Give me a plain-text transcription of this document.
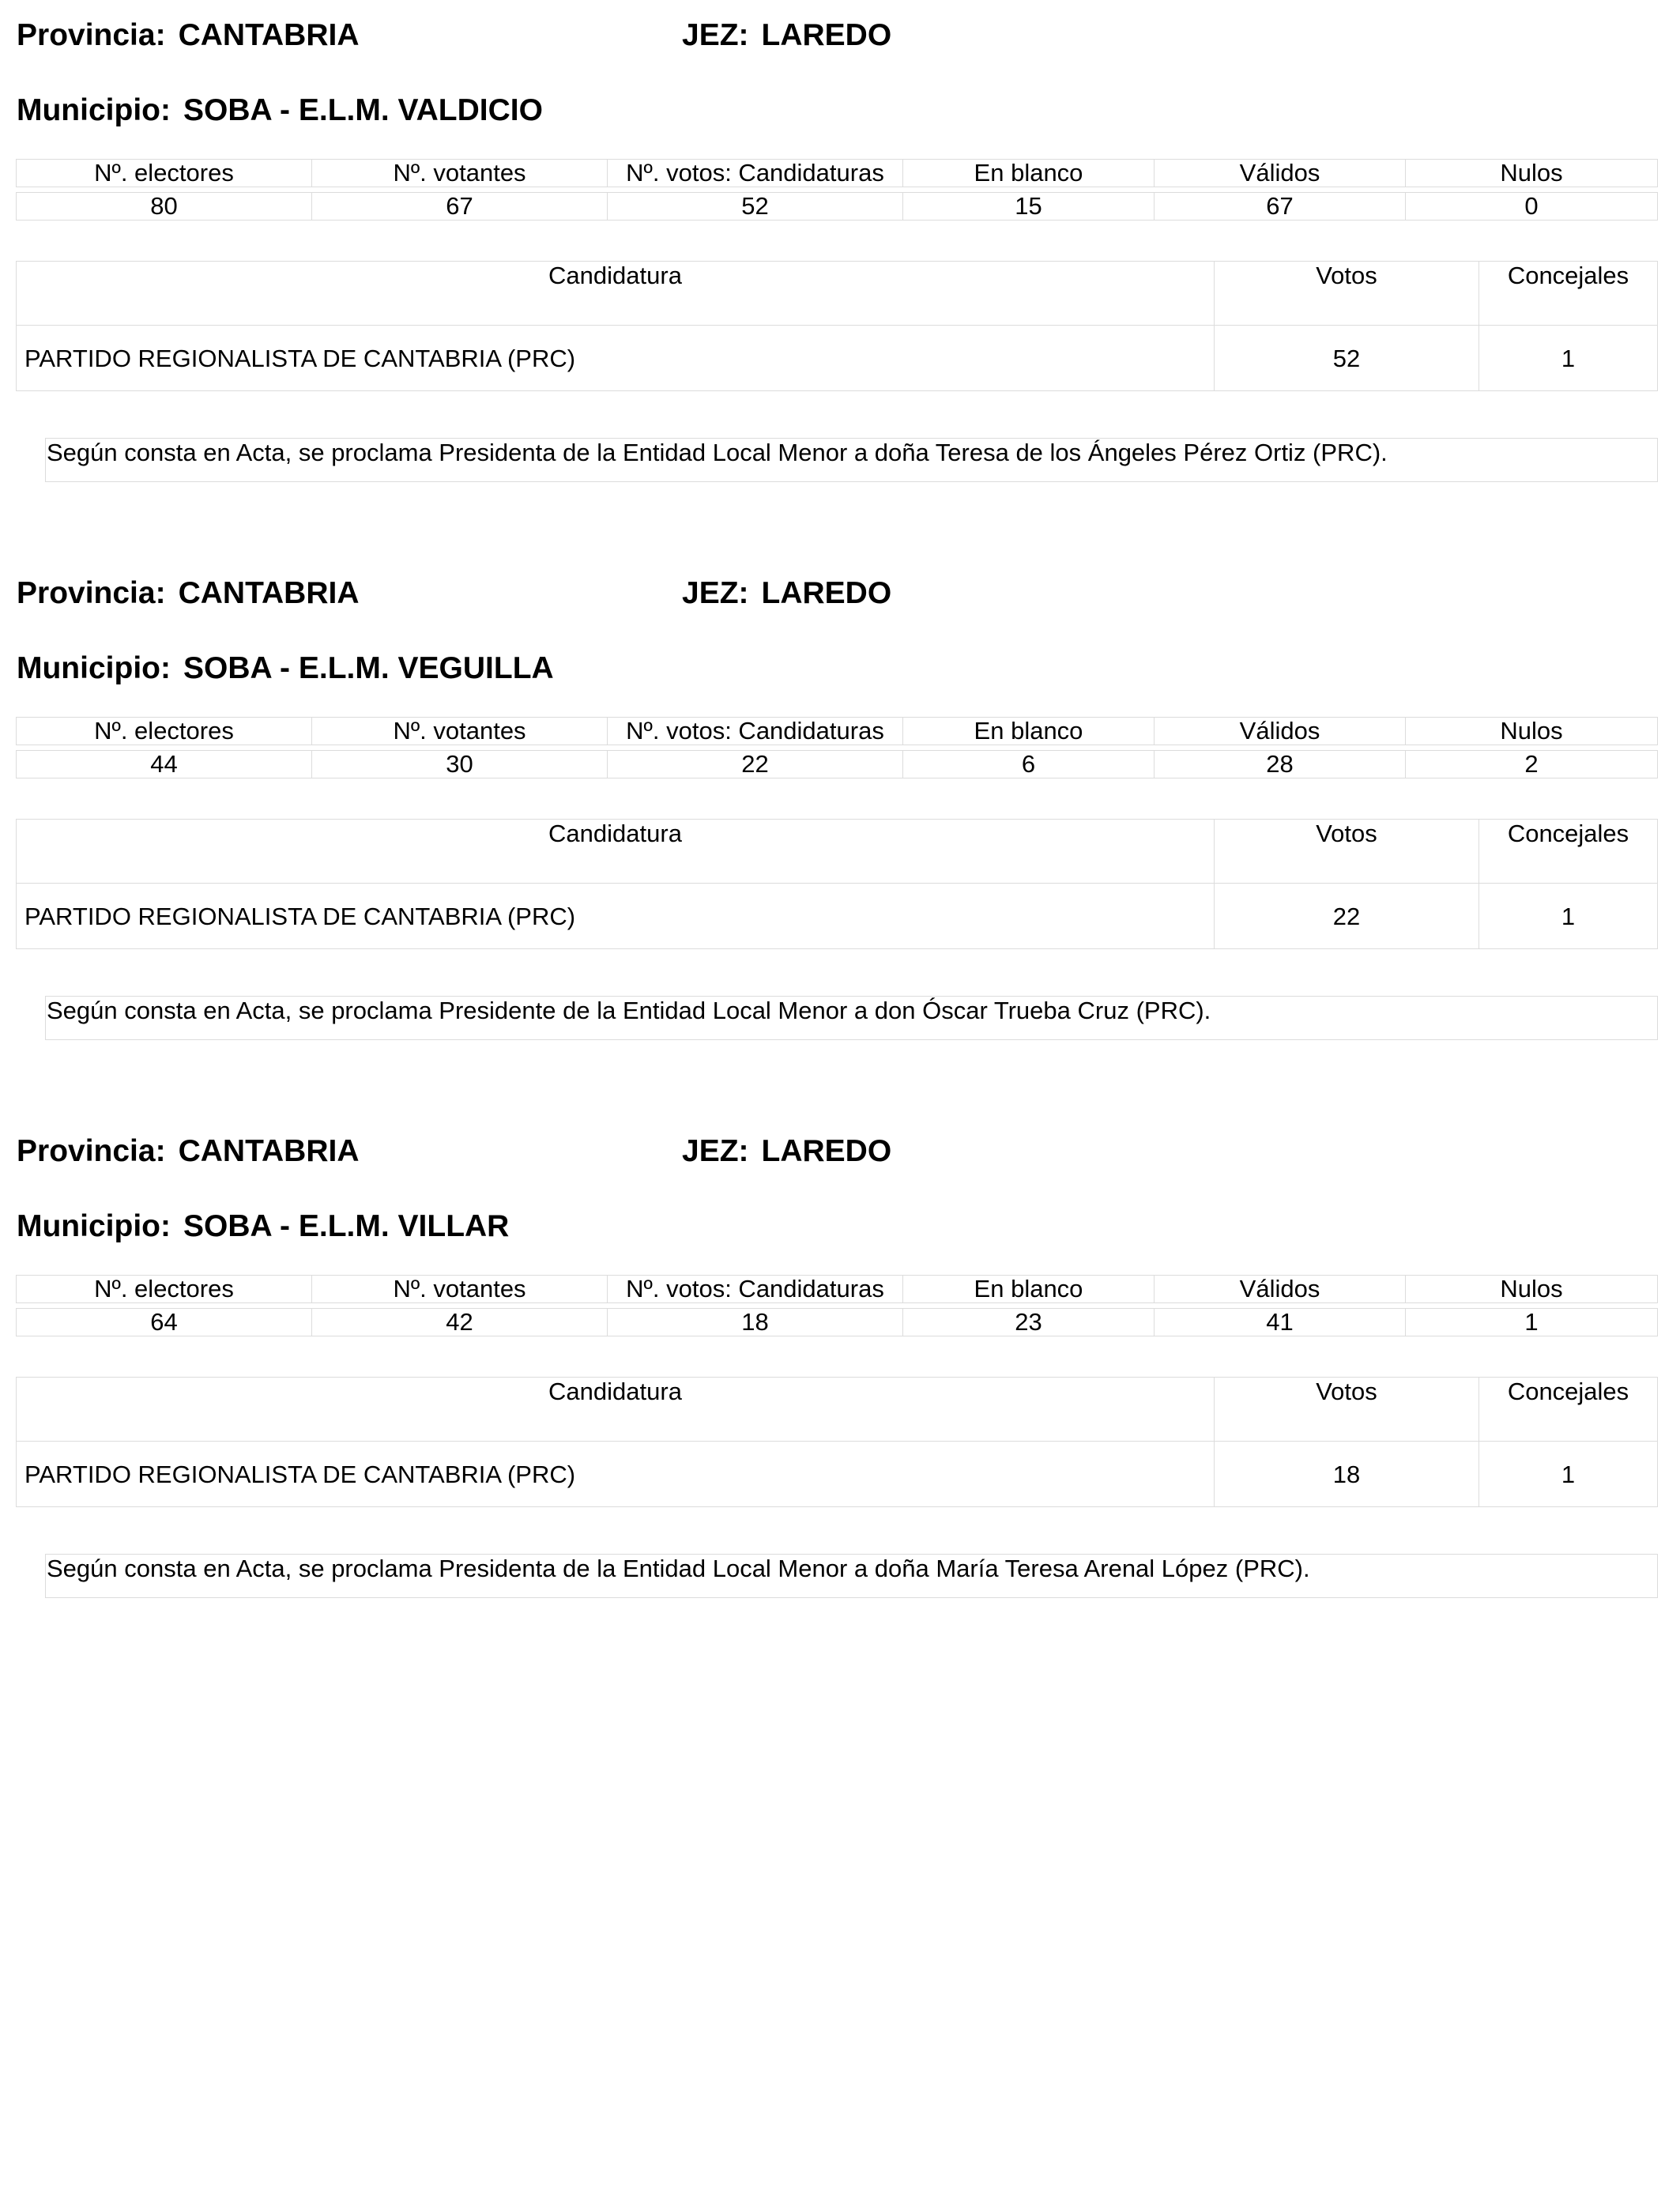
Provincia: CANTABRIA	JEZ: LAREDO
Municipio: SOBA - E.L.M. VALDICIO
Nº. electores	Nº. votantes	Nº. votos: Candidaturas	En blanco	Válidos	Nulos
80	67	52	15	67	0
Candidatura	Votos	Concejales
PARTIDO REGIONALISTA DE CANTABRIA (PRC)	52	1
Según consta en Acta, se proclama Presidenta de la Entidad Local Menor a doña Teresa de los Ángeles Pérez Ortiz (PRC).
Provincia: CANTABRIA	JEZ: LAREDO
Municipio: SOBA - E.L.M. VEGUILLA
Nº. electores	Nº. votantes	Nº. votos: Candidaturas	En blanco	Válidos	Nulos
44	30	22	6	28	2
Candidatura	Votos	Concejales
PARTIDO REGIONALISTA DE CANTABRIA (PRC)	22	1
Según consta en Acta, se proclama Presidente de la Entidad Local Menor a don Óscar Trueba Cruz (PRC).
Provincia: CANTABRIA	JEZ: LAREDO
Municipio: SOBA - E.L.M. VILLAR
Nº. electores	Nº. votantes	Nº. votos: Candidaturas	En blanco	Válidos	Nulos
64	42	18	23	41	1
Candidatura	Votos	Concejales
PARTIDO REGIONALISTA DE CANTABRIA (PRC)	18	1
Según consta en Acta, se proclama Presidenta de la Entidad Local Menor a doña María Teresa Arenal López (PRC).
